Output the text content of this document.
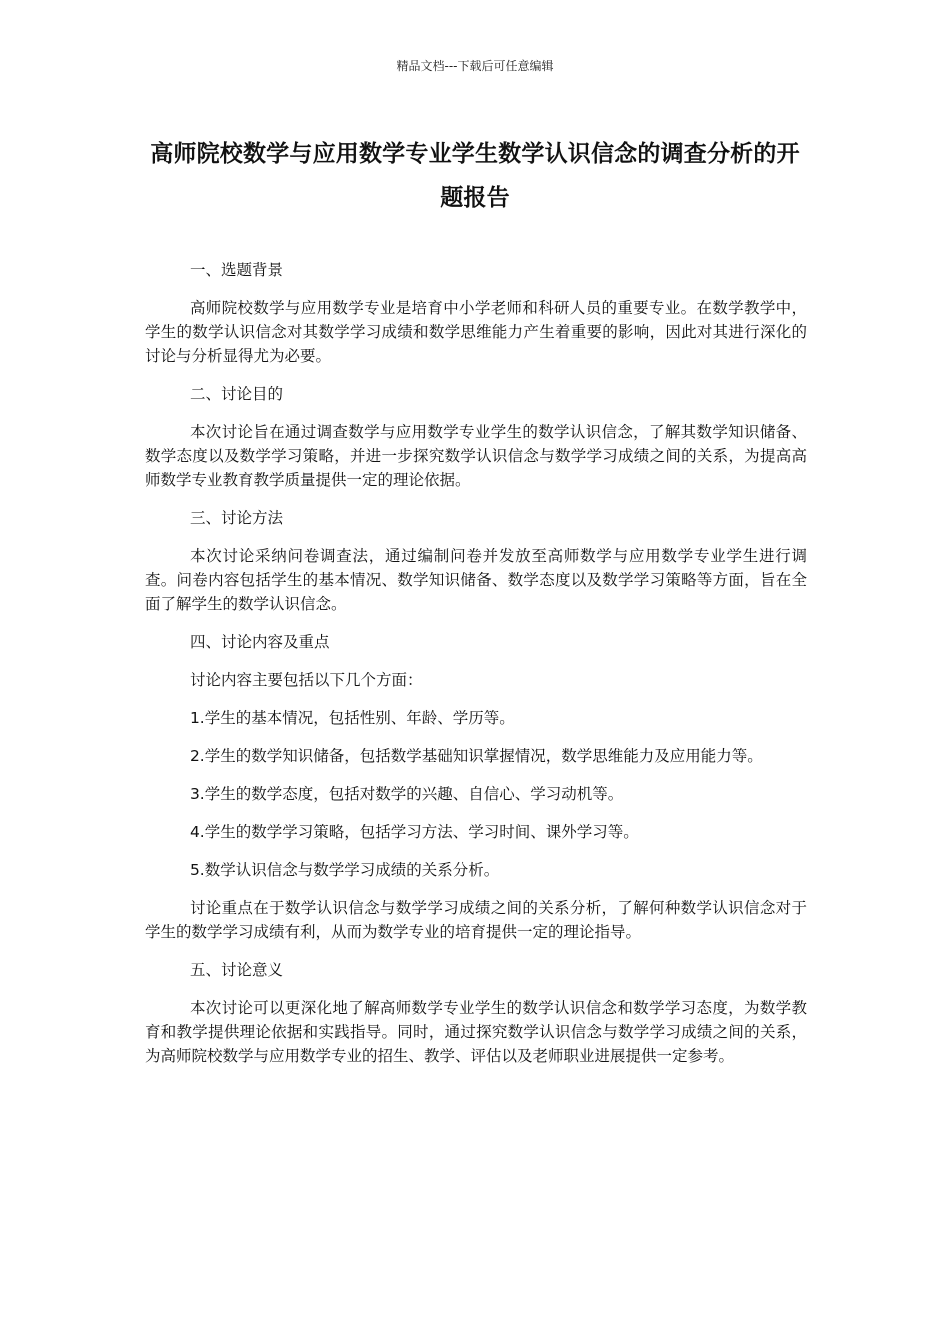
精品文档---下载后可任意编辑
高师院校数学与应用数学专业学生数学认识信念的调查分析的开题报告

一、选题背景

高师院校数学与应用数学专业是培育中小学老师和科研人员的重要专业。在数学教学中，学生的数学认识信念对其数学学习成绩和数学思维能力产生着重要的影响，因此对其进行深化的讨论与分析显得尤为必要。

二、讨论目的

本次讨论旨在通过调查数学与应用数学专业学生的数学认识信念，了解其数学知识储备、数学态度以及数学学习策略，并进一步探究数学认识信念与数学学习成绩之间的关系，为提高高师数学专业教育教学质量提供一定的理论依据。

三、讨论方法

本次讨论采纳问卷调查法，通过编制问卷并发放至高师数学与应用数学专业学生进行调查。问卷内容包括学生的基本情况、数学知识储备、数学态度以及数学学习策略等方面，旨在全面了解学生的数学认识信念。

四、讨论内容及重点

讨论内容主要包括以下几个方面：

1.学生的基本情况，包括性别、年龄、学历等。

2.学生的数学知识储备，包括数学基础知识掌握情况，数学思维能力及应用能力等。

3.学生的数学态度，包括对数学的兴趣、自信心、学习动机等。

4.学生的数学学习策略，包括学习方法、学习时间、课外学习等。

5.数学认识信念与数学学习成绩的关系分析。

讨论重点在于数学认识信念与数学学习成绩之间的关系分析，了解何种数学认识信念对于学生的数学学习成绩有利，从而为数学专业的培育提供一定的理论指导。

五、讨论意义

本次讨论可以更深化地了解高师数学专业学生的数学认识信念和数学学习态度，为数学教育和教学提供理论依据和实践指导。同时，通过探究数学认识信念与数学学习成绩之间的关系，为高师院校数学与应用数学专业的招生、教学、评估以及老师职业进展提供一定参考。
